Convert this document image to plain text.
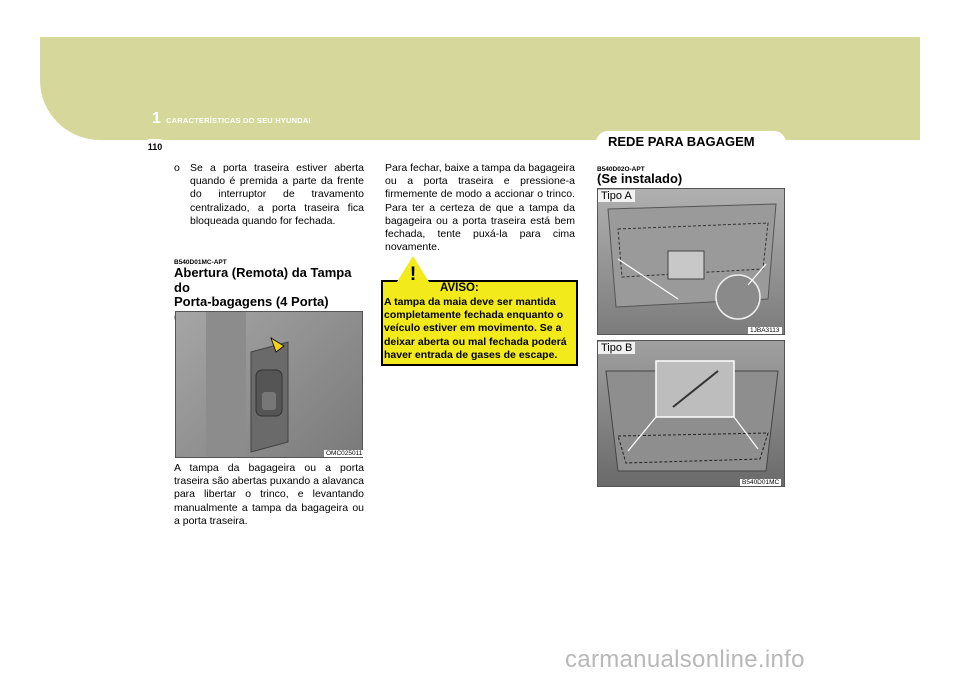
1 CARACTERÍSTICAS DO SEU HYUNDAI
110	REDE PARA BAGAGEM
o Se a porta traseira estiver aberta quando é premida a parte da frente do interruptor de travamento centralizado, a porta traseira fica bloqueada quando for fechada.
B540D01MC-APT
Abertura (Remota) da Tampa do
Porta-bagagens (4 Porta)
OMC025011
A tampa da bagageira ou a porta traseira são abertas puxando a alavanca para libertar o trinco, e levantando manualmente a tampa da bagageira ou a porta traseira.
Para fechar, baixe a tampa da bagageira ou a porta traseira e pressione-a firmemente de modo a accionar o trinco. Para ter a certeza de que a tampa da bagageira ou a porta traseira está bem fechada, tente puxá-la para cima novamente.
!
AVISO:
A tampa da maia deve ser mantida completamente fechada enquanto o veículo estiver em movimento. Se a deixar aberta ou mal fechada poderá haver entrada de gases de escape.
B540D02O-APT
(Se instalado)
Tipo A
1JBA3113
Tipo B
B540D01MC
carmanualsonline.info
